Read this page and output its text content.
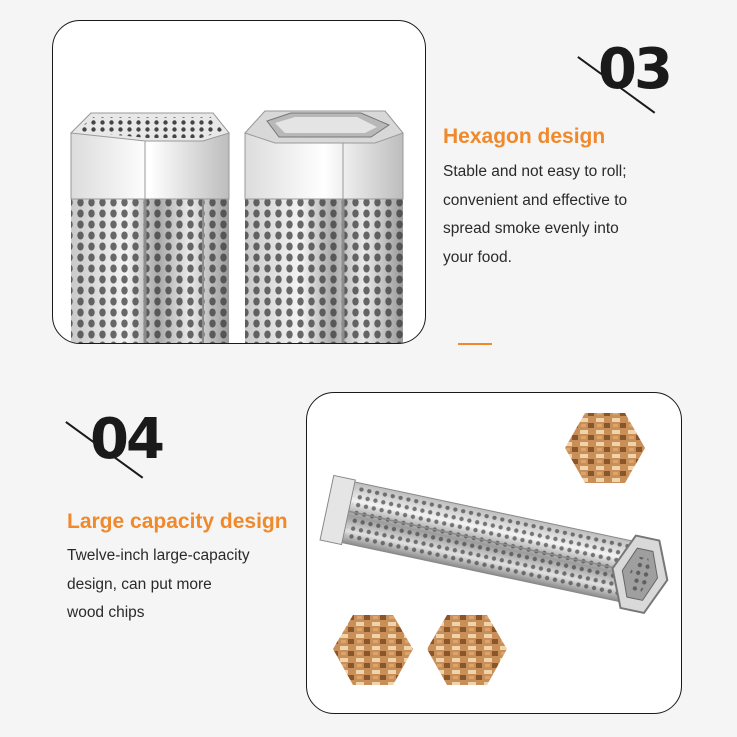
03
Hexagon design

Stable and not easy to roll;
convenient and effective to
spread smoke evenly into
your food.

04
Large capacity design

Twelve-inch large-capacity
design, can put more
wood chips
